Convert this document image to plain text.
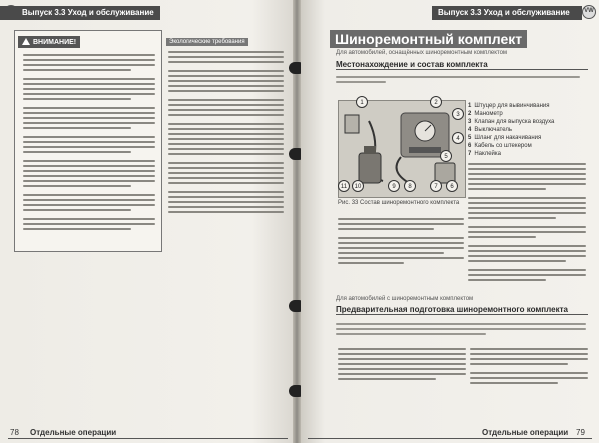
Выпуск 3.3 Уход и обслуживание
ВНИМАНИЕ!	Экологические требования
78 Отдельные операции
Выпуск 3.3 Уход и обслуживание	VW
Шиноремонтный комплект
Для автомобилей, оснащённых шиноремонтным комплектом
Местонахождение и состав комплекта
1	2
3
4
5
6
7
8
9
10
11
Рис. 33 Состав шиноремонтного комплекта
1 Штуцер для вывинчивания
2 Манометр
3 Клапан для выпуска воздуха
4 Выключатель
5 Шланг для накачивания
6 Кабель со штекером
7 Наклейка
Для автомобилей с шиноремонтным комплектом
Предварительная подготовка шиноремонтного комплекта
Отдельные операции 79
